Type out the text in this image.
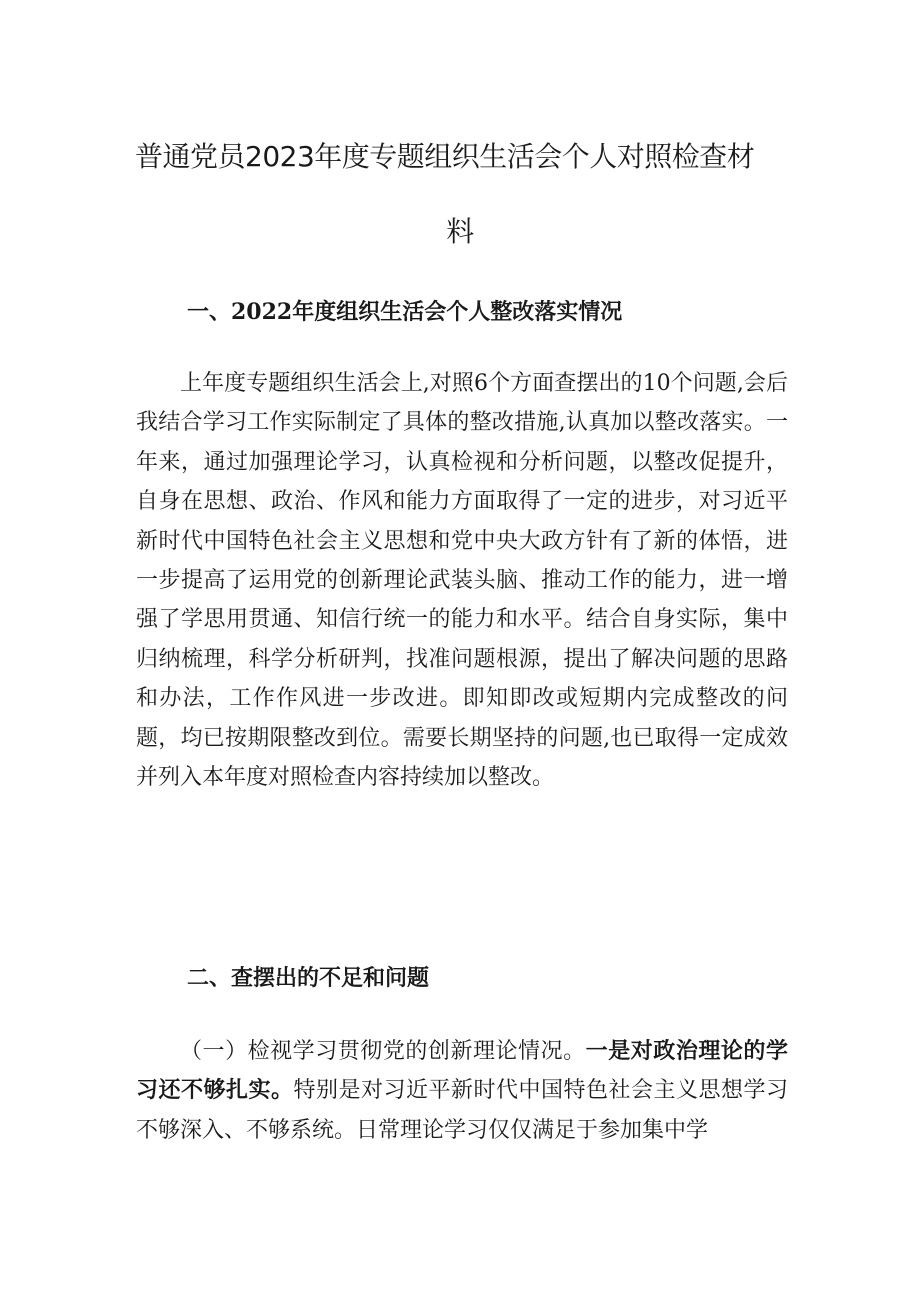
普通党员2023年度专题组织生活会个人对照检查材
料
一、2022年度组织生活会个人整改落实情况
上年度专题组织生活会上,对照6个方面查摆出的10个问题,会后我结合学习工作实际制定了具体的整改措施,认真加以整改落实。一年来，通过加强理论学习，认真检视和分析问题，以整改促提升，自身在思想、政治、作风和能力方面取得了一定的进步，对习近平新时代中国特色社会主义思想和党中央大政方针有了新的体悟，进一步提高了运用党的创新理论武装头脑、推动工作的能力，进一增强了学思用贯通、知信行统一的能力和水平。结合自身实际，集中归纳梳理，科学分析研判，找准问题根源，提出了解决问题的思路和办法，工作作风进一步改进。即知即改或短期内完成整改的问题，均已按期限整改到位。需要长期坚持的问题,也已取得一定成效并列入本年度对照检查内容持续加以整改。
二、查摆出的不足和问题
（一）检视学习贯彻党的创新理论情况。一是对政治理论的学习还不够扎实。特别是对习近平新时代中国特色社会主义思想学习不够深入、不够系统。日常理论学习仅仅满足于参加集中学
